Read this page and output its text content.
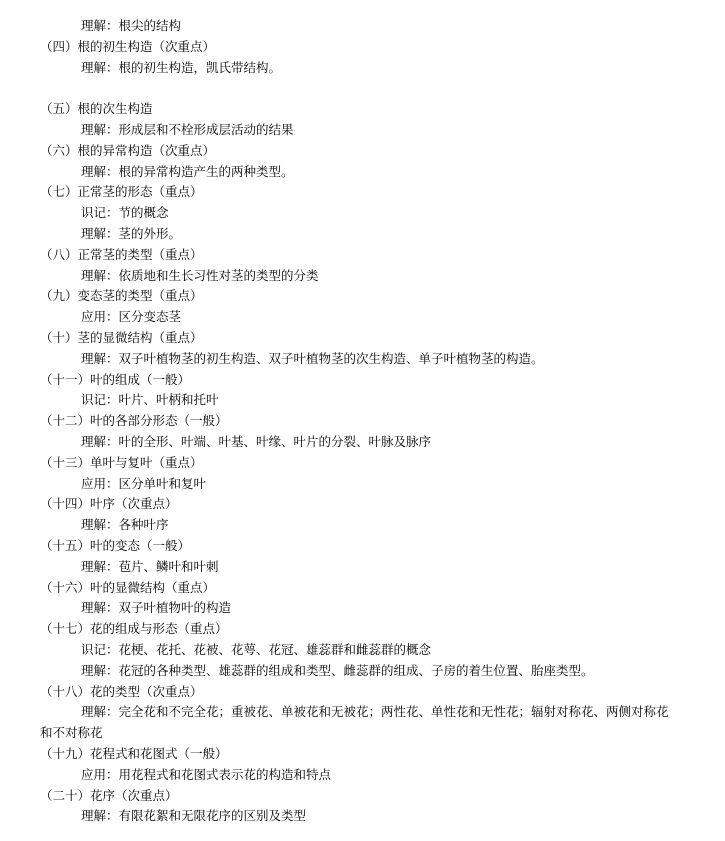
理解：根尖的结构
（四）根的初生构造（次重点）
理解：根的初生构造，凯氏带结构。
（五）根的次生构造
理解：形成层和不栓形成层活动的结果
（六）根的异常构造（次重点）
理解：根的异常构造产生的两种类型。
（七）正常茎的形态（重点）
识记：节的概念
理解：茎的外形。
（八）正常茎的类型（重点）
理解：依质地和生长习性对茎的类型的分类
（九）变态茎的类型（重点）
应用：区分变态茎
（十）茎的显微结构（重点）
理解：双子叶植物茎的初生构造、双子叶植物茎的次生构造、单子叶植物茎的构造。
（十一）叶的组成（一般）
识记：叶片、叶柄和托叶
（十二）叶的各部分形态（一般）
理解：叶的全形、叶端、叶基、叶缘、叶片的分裂、叶脉及脉序
（十三）单叶与复叶（重点）
应用：区分单叶和复叶
（十四）叶序（次重点）
理解：各种叶序
（十五）叶的变态（一般）
理解：苞片、鳞叶和叶刺
（十六）叶的显微结构（重点）
理解：双子叶植物叶的构造
（十七）花的组成与形态（重点）
识记：花梗、花托、花被、花萼、花冠、雄蕊群和雌蕊群的概念
理解：花冠的各种类型、雄蕊群的组成和类型、雌蕊群的组成、子房的着生位置、胎座类型。
（十八）花的类型（次重点）
理解：完全花和不完全花；重被花、单被花和无被花；两性花、单性花和无性花；辐射对称花、两侧对称花
和不对称花
（十九）花程式和花图式（一般）
应用：用花程式和花图式表示花的构造和特点
（二十）花序（次重点）
理解：有限花絮和无限花序的区别及类型
